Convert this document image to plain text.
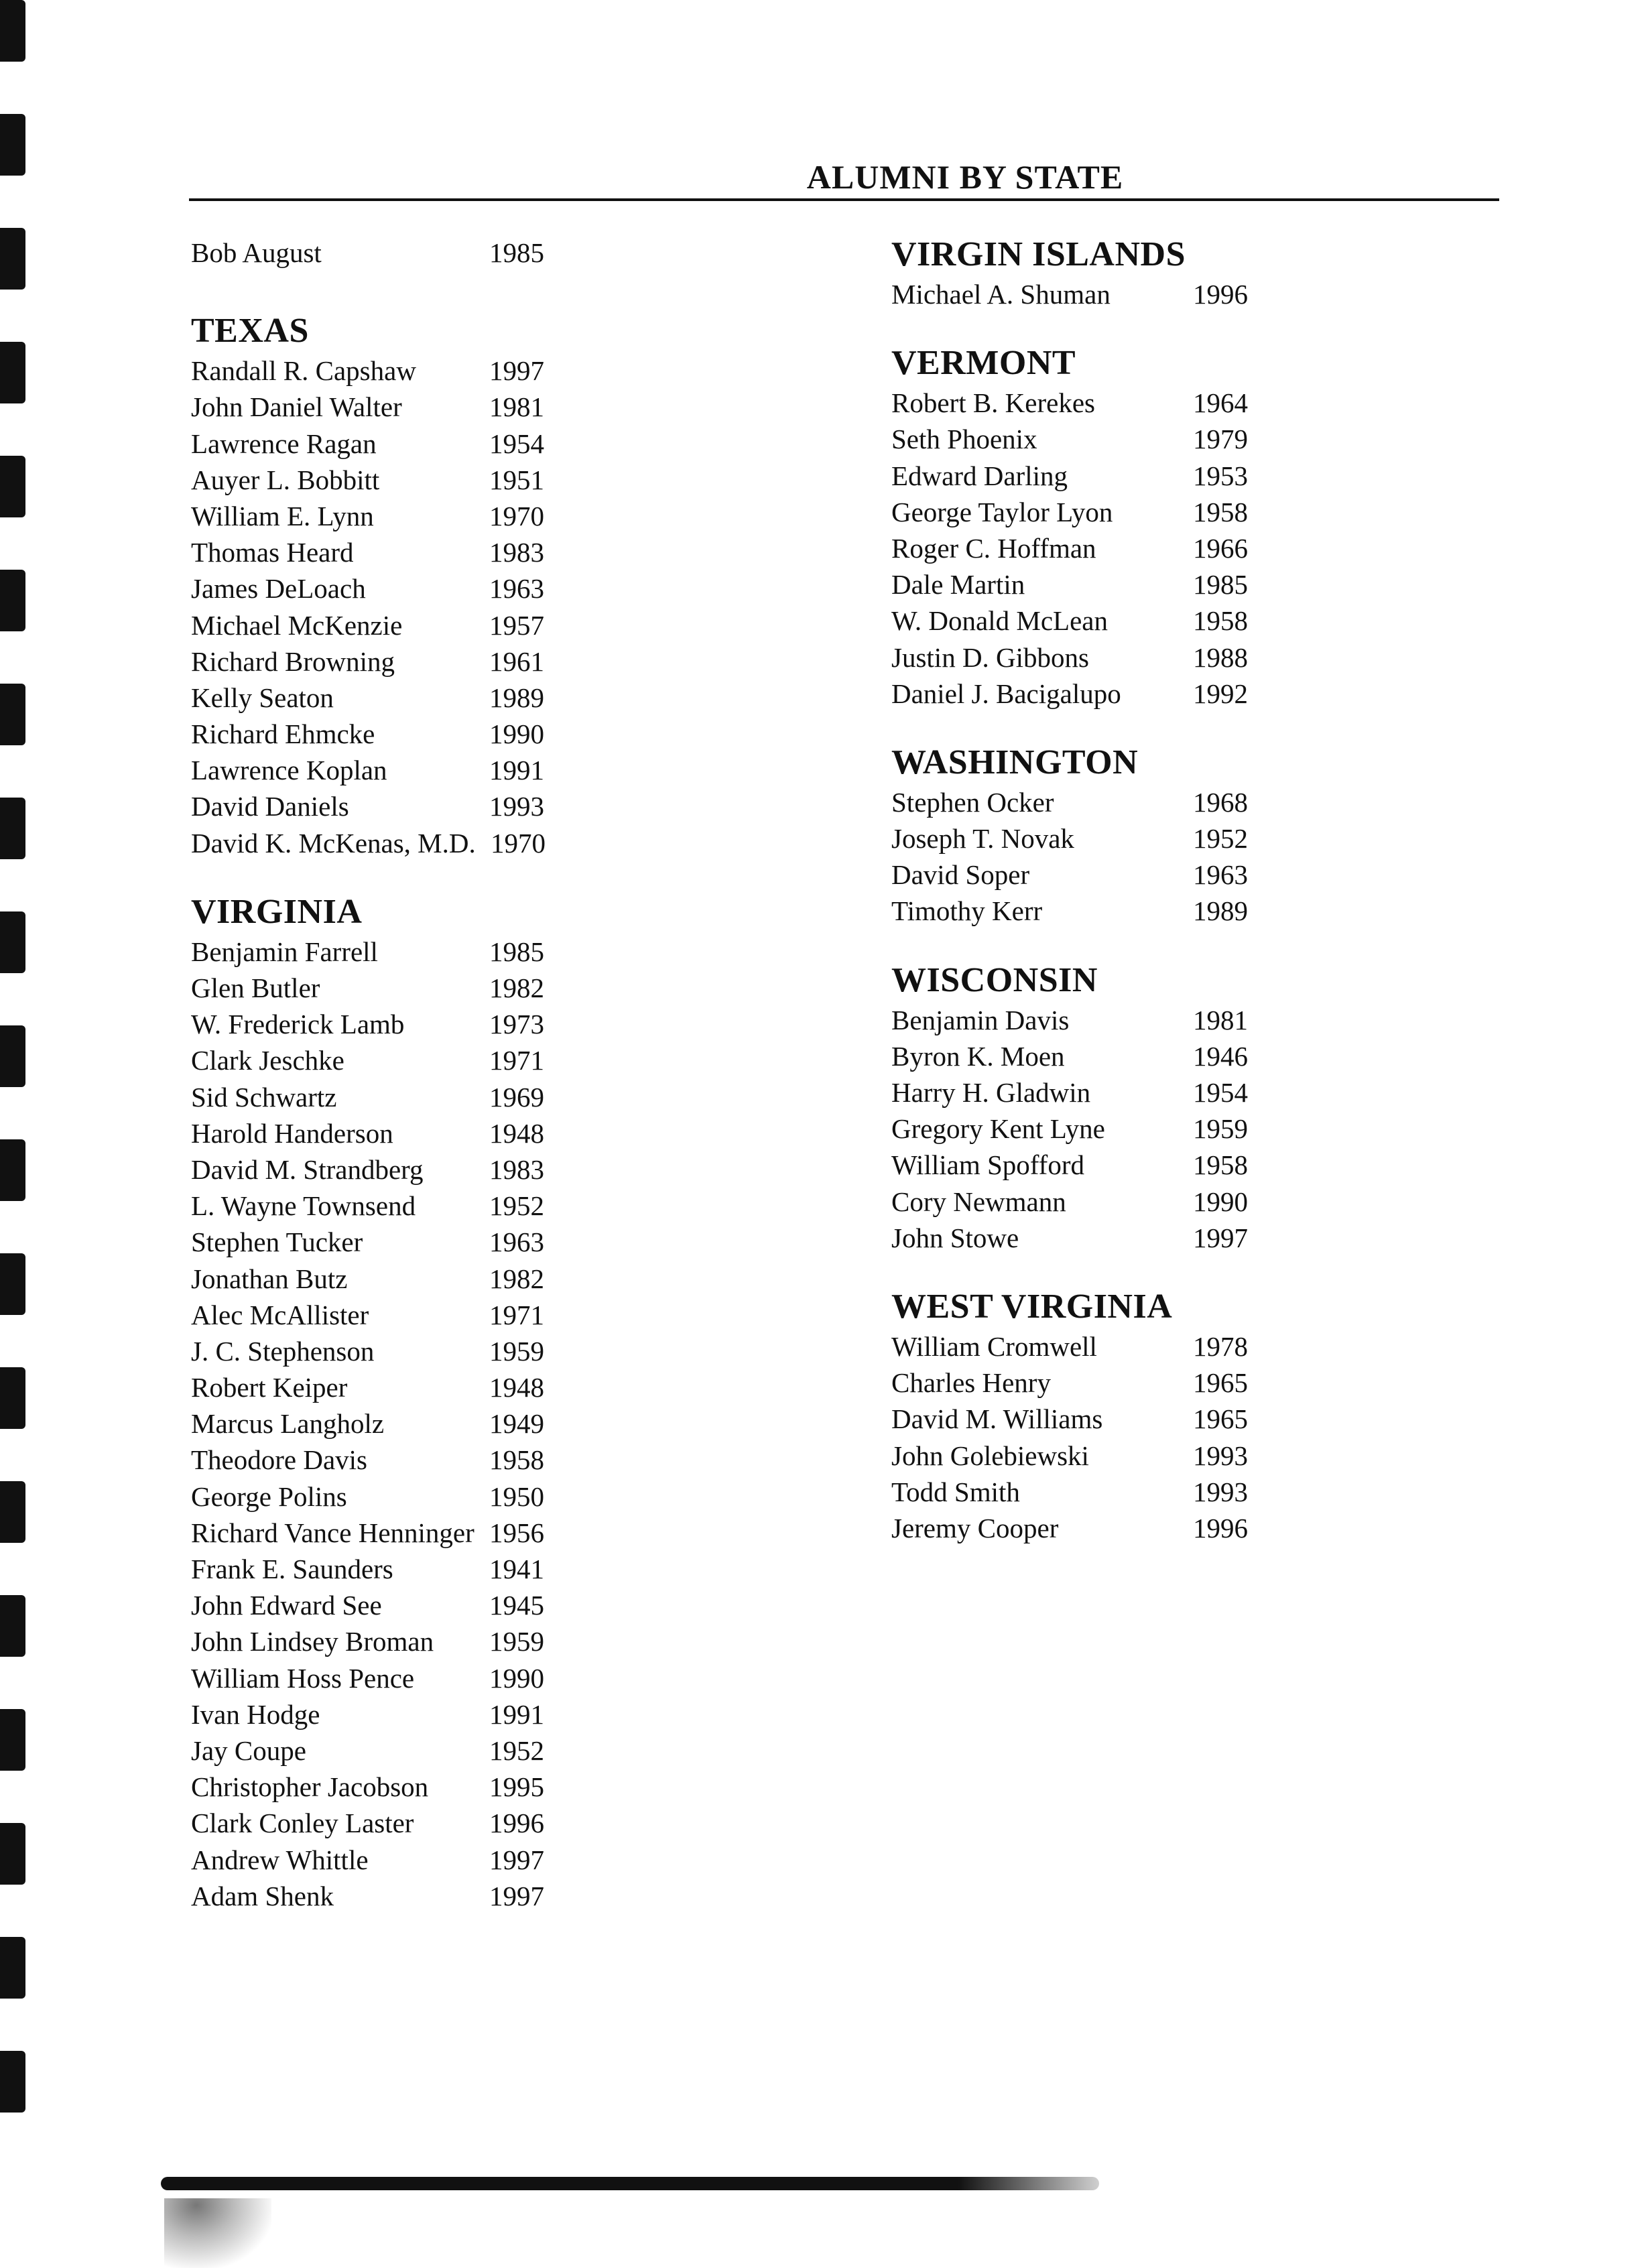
ALUMNI BY STATE
Bob August	1985
TEXAS
Randall R. Capshaw	1997
John Daniel Walter	1981
Lawrence Ragan	1954
Auyer L. Bobbitt	1951
William E. Lynn	1970
Thomas Heard	1983
James DeLoach	1963
Michael McKenzie	1957
Richard Browning	1961
Kelly Seaton	1989
Richard Ehmcke	1990
Lawrence Koplan	1991
David Daniels	1993
David K. McKenas, M.D. 1970
VIRGINIA
Benjamin Farrell	1985
Glen Butler	1982
W. Frederick Lamb	1973
Clark Jeschke	1971
Sid Schwartz	1969
Harold Handerson	1948
David M. Strandberg 1983
L. Wayne Townsend	1952
Stephen Tucker	1963
Jonathan Butz	1982
Alec McAllister	1971
J. C. Stephenson	1959
Robert Keiper	1948
Marcus Langholz	1949
Theodore Davis	1958
George Polins	1950
Richard Vance Henninger 1956
Frank E. Saunders	1941
John Edward See	1945
John Lindsey Broman 1959
William Hoss Pence	1990
Ivan Hodge	1991
Jay Coupe	1952
Christopher Jacobson 1995
Clark Conley Laster	1996
Andrew Whittle	1997
Adam Shenk	1997
VIRGIN ISLANDS
Michael A. Shuman	1996
VERMONT
Robert B. Kerekes	1964
Seth Phoenix	1979
Edward Darling	1953
George Taylor Lyon	1958
Roger C. Hoffman	1966
Dale Martin	1985
W. Donald McLean	1958
Justin D. Gibbons	1988
Daniel J. Bacigalupo	1992
WASHINGTON
Stephen Ocker	1968
Joseph T. Novak	1952
David Soper	1963
Timothy Kerr	1989
WISCONSIN
Benjamin Davis	1981
Byron K. Moen	1946
Harry H. Gladwin	1954
Gregory Kent Lyne	1959
William Spofford	1958
Cory Newmann	1990
John Stowe	1997
WEST VIRGINIA
William Cromwell	1978
Charles Henry	1965
David M. Williams	1965
John Golebiewski	1993
Todd Smith	1993
Jeremy Cooper	1996
